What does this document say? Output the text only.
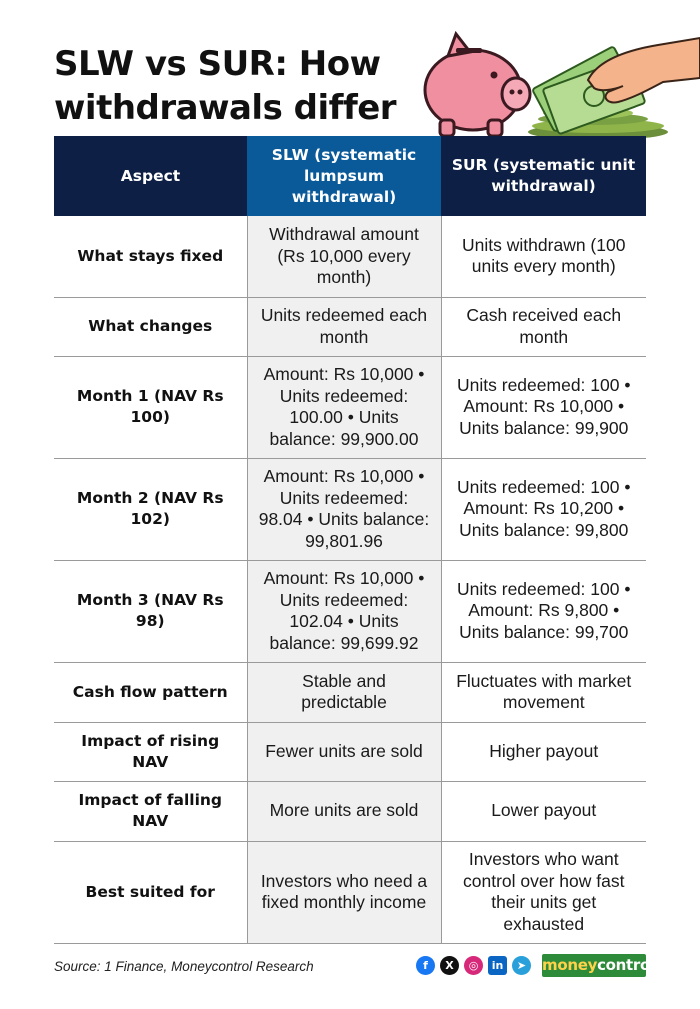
SLW vs SUR: How withdrawals differ
Aspect	SLW (systematic lumpsum withdrawal)	SUR (systematic unit withdrawal)
What stays fixed	Withdrawal amount (Rs 10,000 every month)	Units withdrawn (100 units every month)
What changes	Units redeemed each month	Cash received each month
Month 1 (NAV Rs 100)	Amount: Rs 10,000 • Units redeemed: 100.00 • Units balance: 99,900.00	Units redeemed: 100 • Amount: Rs 10,000 • Units balance: 99,900
Month 2 (NAV Rs 102)	Amount: Rs 10,000 • Units redeemed: 98.04 • Units balance: 99,801.96	Units redeemed: 100 • Amount: Rs 10,200 • Units balance: 99,800
Month 3 (NAV Rs 98)	Amount: Rs 10,000 • Units redeemed: 102.04 • Units balance: 99,699.92	Units redeemed: 100 • Amount: Rs 9,800 • Units balance: 99,700
Cash flow pattern	Stable and predictable	Fluctuates with market movement
Impact of rising NAV	Fewer units are sold	Higher payout
Impact of falling NAV	More units are sold	Lower payout
Best suited for	Investors who need a fixed monthly income	Investors who want control over how fast their units get exhausted
Source: 1 Finance, Moneycontrol Research	f	X	◎	in	➤	moneycontrol
